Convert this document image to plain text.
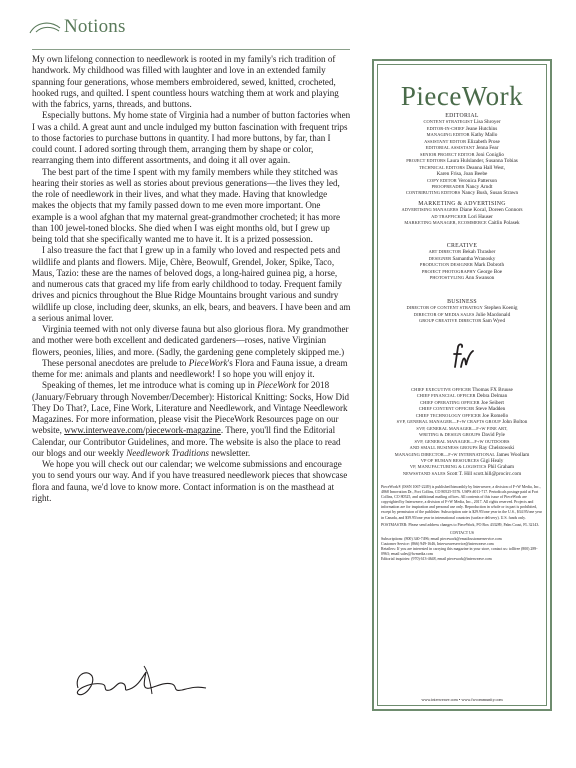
Notions

My own lifelong connection to needlework is rooted in my family's rich tradition of handwork. My childhood was filled with laughter and love in an extended family spanning four generations, whose members embroidered, sewed, knitted, crocheted, hooked rugs, and quilted. I spent countless hours watching them at work and playing with the fabrics, yarns, threads, and buttons.

Especially buttons. My home state of Virginia had a number of button factories when I was a child. A great aunt and uncle indulged my button fascination with frequent trips to those factories to purchase buttons in quantity. I had more buttons, by far, than I could count. I adored sorting through them, arranging them by shape or color, rearranging them into different assortments, and doing it all over again.

The best part of the time I spent with my family members while they stitched was hearing their stories as well as stories about previous generations—the lives they led, the role of needlework in their lives, and what they made. Having that knowledge makes the objects that my family passed down to me even more important. One example is a wool afghan that my maternal great-grandmother crocheted; it has more than 100 jewel-toned blocks. She died when I was eight months old, but I grew up being told that she specifically wanted me to have it. It is a prized possession.

I also treasure the fact that I grew up in a family who loved and respected pets and wildlife and plants and flowers. Mije, Chère, Beowulf, Grendel, Joker, Spike, Taco, Maus, Tazio: these are the names of beloved dogs, a long-haired guinea pig, a horse, and numerous cats that graced my life from early childhood to today. Frequent family drives and picnics throughout the Blue Ridge Mountains brought various and sundry wildlife up close, including deer, skunks, an elk, bears, and beavers. I have been and am a serious animal lover.

Virginia teemed with not only diverse fauna but also glorious flora. My grandmother and mother were both excellent and dedicated gardeners—roses, native Virginian flowers, peonies, lilies, and more. (Sadly, the gardening gene completely skipped me.)

These personal anecdotes are prelude to PieceWork's Flora and Fauna issue, a dream theme for me: animals and plants and needlework! I so hope you will enjoy it.

Speaking of themes, let me introduce what is coming up in PieceWork for 2018 (January/February through November/December): Historical Knitting: Socks, How Did They Do That?, Lace, Fine Work, Literature and Needlework, and Vintage Needlework Magazines. For more information, please visit the PieceWork Resources page on our website, www.interweave.com/piecework-magazine. There, you'll find the Editorial Calendar, our Contributor Guidelines, and more. The website is also the place to read our blogs and our weekly Needlework Traditions newsletter.

We hope you will check out our calendar; we welcome submissions and encourage you to send yours our way. And if you have treasured needlework pieces that showcase flora and fauna, we'd love to know more. Contact information is on the masthead at right.

PieceWork
EDITORIAL
CONTENT STRATEGIST Lisa Shroyer
EDITOR-IN-CHIEF Jeane Hutchins
MANAGING EDITOR Kathy Mallo
ASSISTANT EDITOR Elizabeth Prose
EDITORIAL ASSISTANT Jenna Fear
SENIOR PROJECT EDITOR Joni Coniglio
PROJECT EDITORS Laura Hulslander, Susanna Tobias
TECHNICAL EDITORS Deanna Hall West,
Karen Frisa, Joan Beebe
COPY EDITOR Veronica Patterson
PROOFREADER Nancy Arndt
CONTRIBUTING EDITORS Nancy Bush, Susan Strawn
MARKETING & ADVERTISING
ADVERTISING MANAGERS Diane Kocal, Doreen Connors
AD TRAFFICKER Lori Hauser
MARKETING MANAGER, ECOMMERCE Caitlin Polasek
CREATIVE
ART DIRECTOR Bekah Thrasher
DESIGNER Samantha Wranosky
PRODUCTION DESIGNER Mark Dobroth
PROJECT PHOTOGRAPHY George Boe
PHOTOSTYLING Ann Swanson
BUSINESS
DIRECTOR OF CONTENT STRATEGY Stephen Koenig
DIRECTOR OF MEDIA SALES Julie Macdonald
GROUP CREATIVE DIRECTOR Sam Wyed
CHIEF EXECUTIVE OFFICER Thomas FX Bruuse
CHIEF FINANCIAL OFFICER Debra Delman
CHIEF OPERATING OFFICER Joe Seibert
CHIEF CONTENT OFFICER Steve Madden
CHIEF TECHNOLOGY OFFICER Joe Romello
SVP, GENERAL MANAGER—F+W CRAFTS GROUP John Bolton
SVP, GENERAL MANAGER—F+W FINE ART,
WRITING & DESIGN GROUPS David Pyle
SVP, GENERAL MANAGER—F+W OUTDOORS
AND SMALL BUSINESS GROUPS Ray Chelstowski
MANAGING DIRECTOR—F+W INTERNATIONAL James Woollam
VP OF HUMAN RESOURCES Gigi Healy
VP, MANUFACTURING & LOGISTICS Phil Graham
NEWSSTAND SALES Scott T. Hill scott.hill@procirc.com

PieceWork® (ISSN 1067-2249) is published bimonthly by Interweave, a division of F+W Media, Inc., 4868 Innovation Dr., Fort Collins, CO 80525-5576. USPS #011-717. Periodicals postage paid at Fort Collins, CO 80525, and additional mailing offices. All contents of this issue of PieceWork are copyrighted by Interweave, a division of F+W Media, Inc., 2017. All rights reserved. Projects and information are for inspiration and personal use only. Reproduction in whole or in part is prohibited, except by permission of the publisher. Subscription rate is $29.95/one year in the U.S., $34.95/one year in Canada, and $39.95/one year in international countries (surface delivery). U.S. funds only.

POSTMASTER: Please send address changes to PieceWork, PO Box 433289, Palm Coast, FL 32143.

CONTACT US
Subscriptions: (800) 340-7496; email piecework@emailcustomerservice.com
Customer Service: (866) 949-1646, Interweaveservice@interweave.com
Retailers: If you are interested in carrying this magazine in your store, contact us: tollfree (800) 289-0963; email sales@fwmedia.com
Editorial inquiries: (970) 613-4648, email piecework@interweave.com
www.interweave.com • www.fwcommunity.com
